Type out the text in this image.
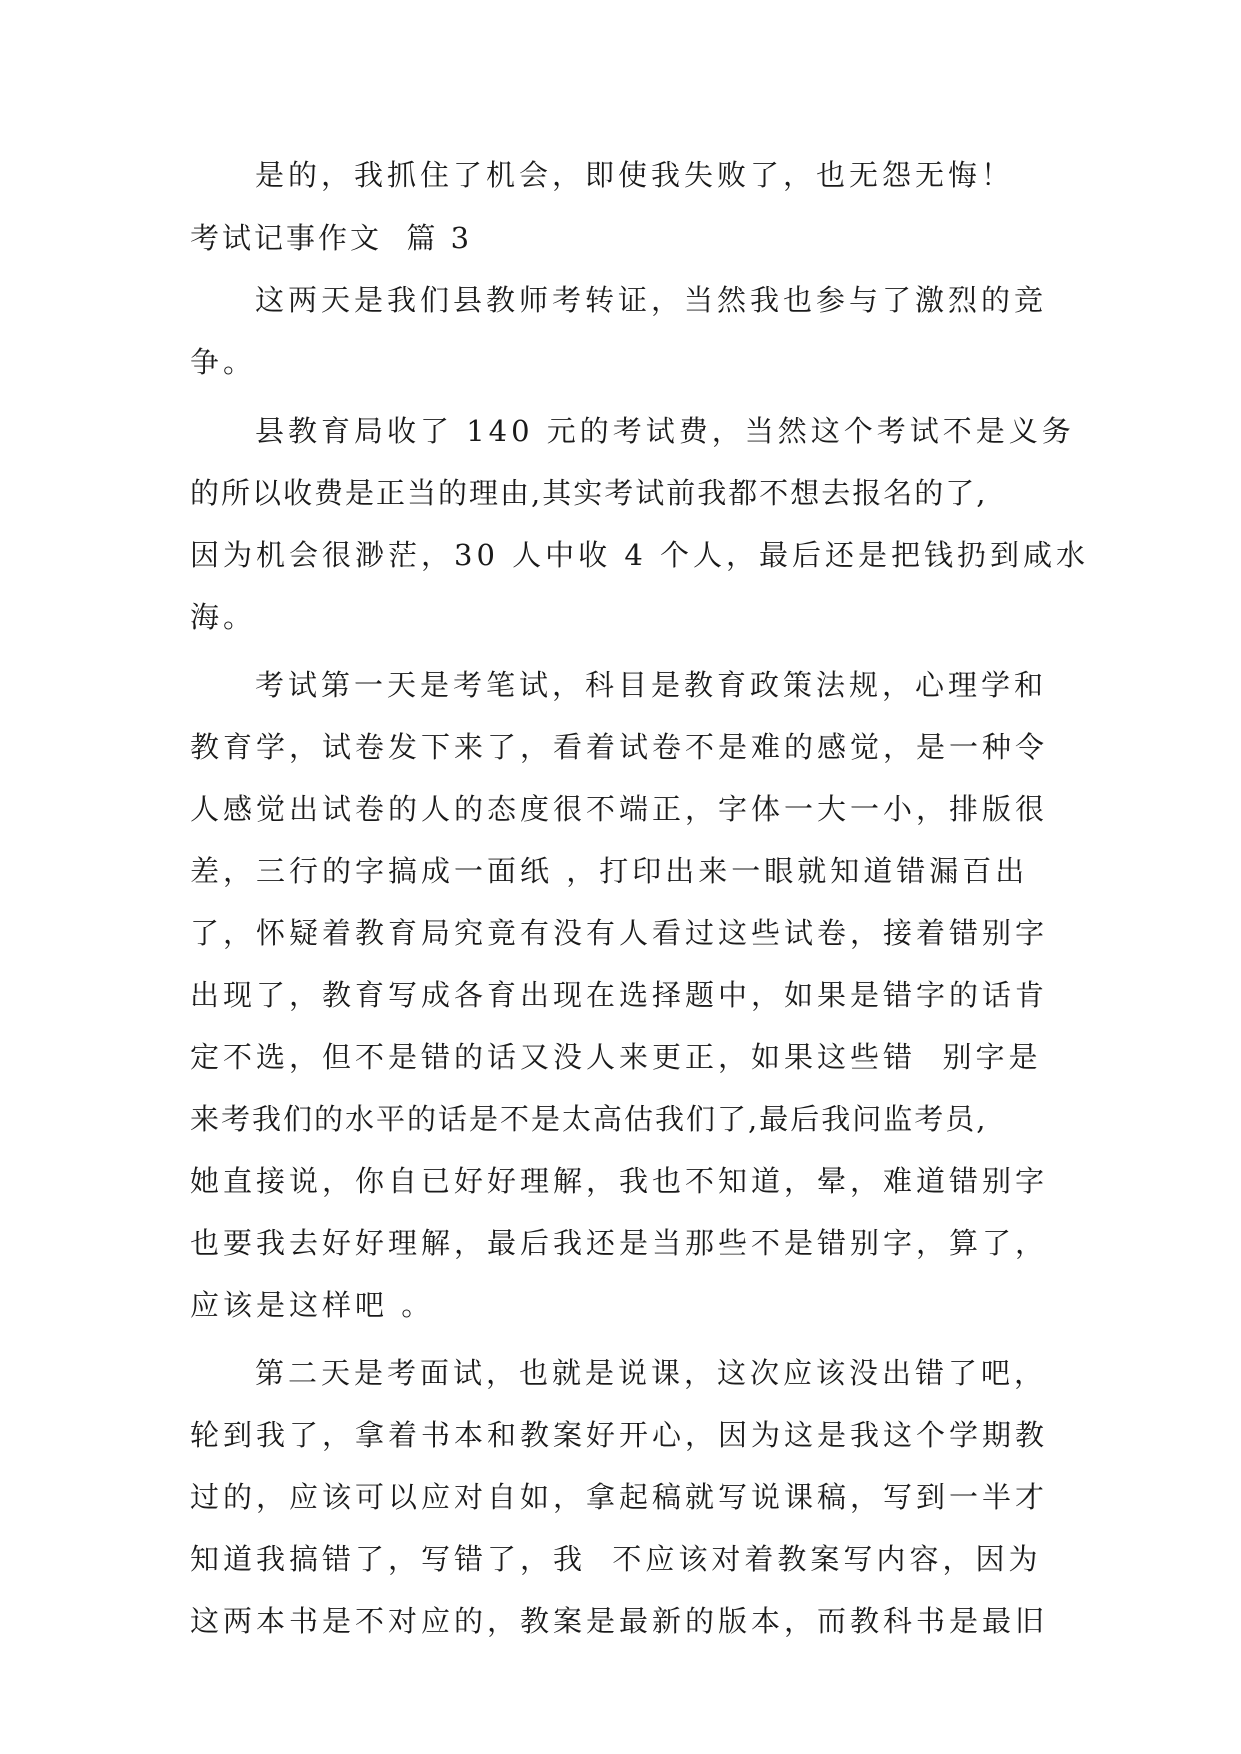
是的，我抓住了机会，即使我失败了，也无怨无悔！
考试记事作文  篇 3
这两天是我们县教师考转证，当然我也参与了激烈的竞
争。
县教育局收了 140 元的考试费，当然这个考试不是义务
的所以收费是正当的理由,其实考试前我都不想去报名的了,
因为机会很渺茫，30 人中收 4 个人，最后还是把钱扔到咸水
海。
考试第一天是考笔试，科目是教育政策法规，心理学和
教育学，试卷发下来了，看着试卷不是难的感觉，是一种令
人感觉出试卷的人的态度很不端正，字体一大一小，排版很
差，三行的字搞成一面纸 ，打印出来一眼就知道错漏百出
了，怀疑着教育局究竟有没有人看过这些试卷，接着错别字
出现了，教育写成各育出现在选择题中，如果是错字的话肯
定不选，但不是错的话又没人来更正，如果这些错  别字是
来考我们的水平的话是不是太高估我们了,最后我问监考员,
她直接说，你自已好好理解，我也不知道，晕，难道错别字
也要我去好好理解，最后我还是当那些不是错别字，算了，
应该是这样吧 。
第二天是考面试，也就是说课，这次应该没出错了吧，
轮到我了，拿着书本和教案好开心，因为这是我这个学期教
过的，应该可以应对自如，拿起稿就写说课稿，写到一半才
知道我搞错了，写错了，我  不应该对着教案写内容，因为
这两本书是不对应的，教案是最新的版本，而教科书是最旧
